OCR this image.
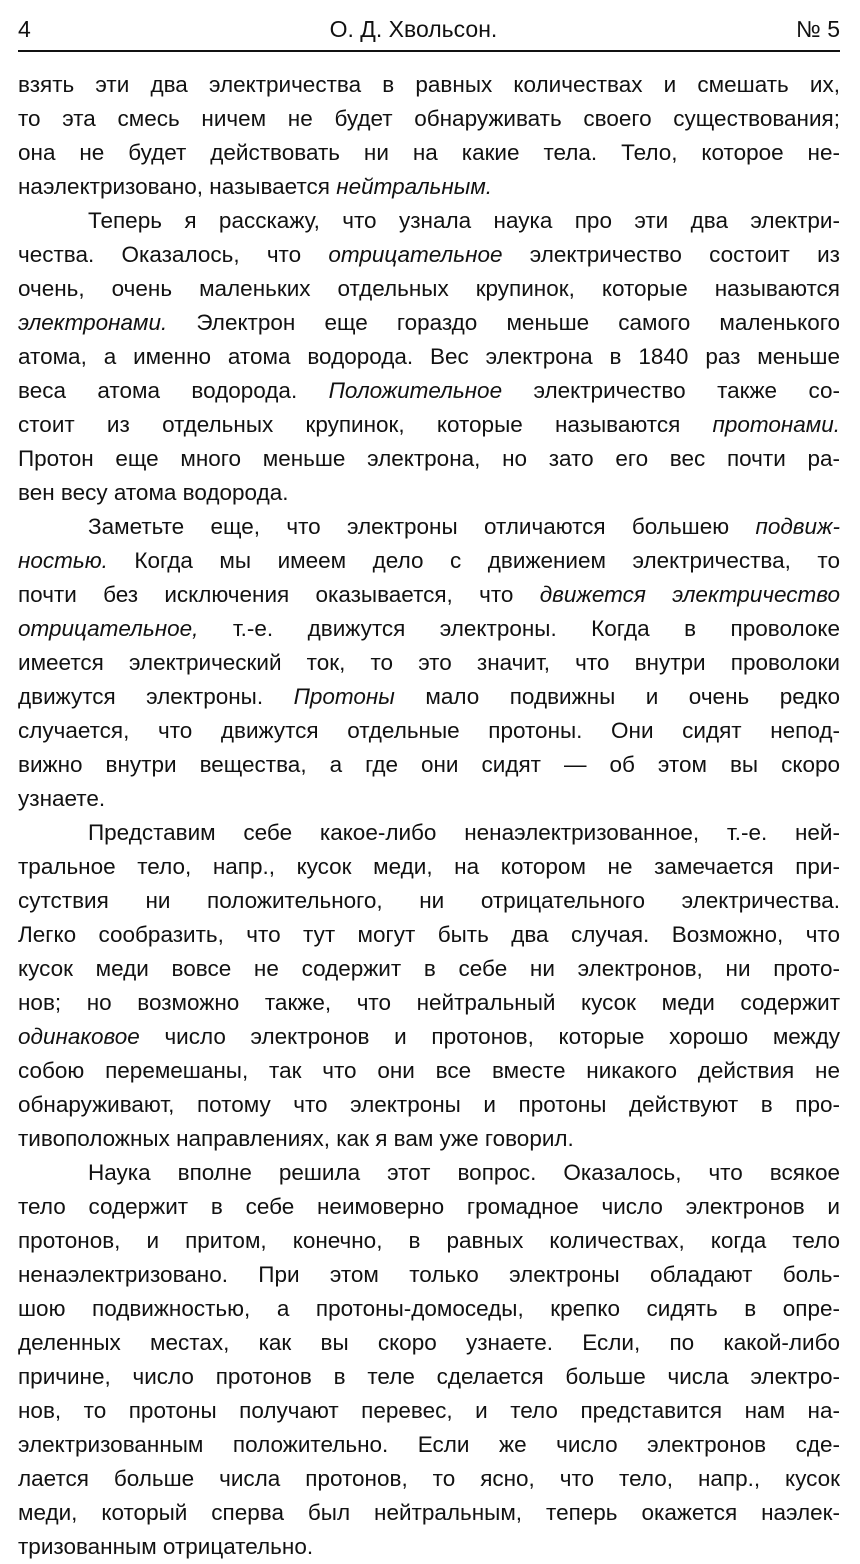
4	О. Д. Хвольсон.	№ 5
взять эти два электричества в равных количествах и смешать их,
то эта смесь ничем не будет обнаруживать своего существования;
она не будет действовать ни на какие тела. Тело, которое не-
наэлектризовано, называется нейтральным.
Теперь я расскажу, что узнала наука про эти два электри-
чества. Оказалось, что отрицательное электричество состоит из
очень, очень маленьких отдельных крупинок, которые называются
электронами. Электрон еще гораздо меньше самого маленького
атома, а именно атома водорода. Вес электрона в 1840 раз меньше
веса атома водорода. Положительное электричество также со-
стоит из отдельных крупинок, которые называются протонами.
Протон еще много меньше электрона, но зато его вес почти ра-
вен весу атома водорода.
Заметьте еще, что электроны отличаются большею подвиж-
ностью. Когда мы имеем дело с движением электричества, то
почти без исключения оказывается, что движется электричество
отрицательное, т.-е. движутся электроны. Когда в проволоке
имеется электрический ток, то это значит, что внутри проволоки
движутся электроны. Протоны мало подвижны и очень редко
случается, что движутся отдельные протоны. Они сидят непод-
вижно внутри вещества, а где они сидят — об этом вы скоро
узнаете.
Представим себе какое-либо ненаэлектризованное, т.-е. ней-
тральное тело, напр., кусок меди, на котором не замечается при-
сутствия ни положительного, ни отрицательного электричества.
Легко сообразить, что тут могут быть два случая. Возможно, что
кусок меди вовсе не содержит в себе ни электронов, ни прото-
нов; но возможно также, что нейтральный кусок меди содержит
одинаковое число электронов и протонов, которые хорошо между
собою перемешаны, так что они все вместе никакого действия не
обнаруживают, потому что электроны и протоны действуют в про-
тивоположных направлениях, как я вам уже говорил.
Наука вполне решила этот вопрос. Оказалось, что всякое
тело содержит в себе неимоверно громадное число электронов и
протонов, и притом, конечно, в равных количествах, когда тело
ненаэлектризовано. При этом только электроны обладают боль-
шою подвижностью, а протоны-домоседы, крепко сидять в опре-
деленных местах, как вы скоро узнаете. Если, по какой-либо
причине, число протонов в теле сделается больше числа электро-
нов, то протоны получают перевес, и тело представится нам на-
электризованным положительно. Если же число электронов сде-
лается больше числа протонов, то ясно, что тело, напр., кусок
меди, который сперва был нейтральным, теперь окажется наэлек-
тризованным отрицательно.
